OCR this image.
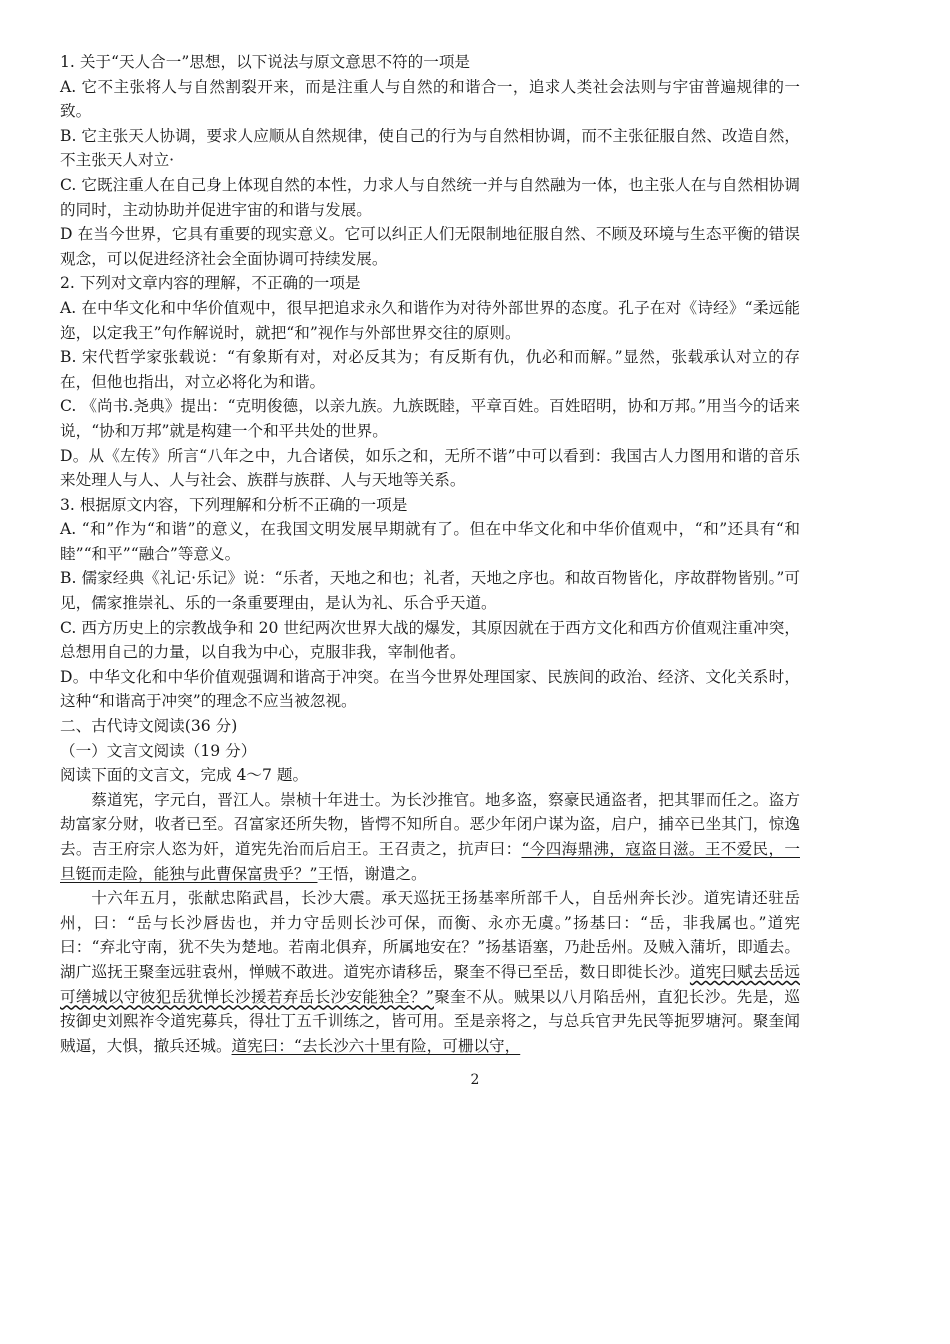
1. 关于“天人合一”思想，以下说法与原文意思不符的一项是

A. 它不主张将人与自然割裂开来，而是注重人与自然的和谐合一，追求人类社会法则与宇宙普遍规律的一致。

B. 它主张天人协调，要求人应顺从自然规律，使自己的行为与自然相协调，而不主张征服自然、改造自然，不主张天人对立·

C. 它既注重人在自己身上体现自然的本性，力求人与自然统一并与自然融为一体，也主张人在与自然相协调的同时，主动协助并促进宇宙的和谐与发展。

D 在当今世界，它具有重要的现实意义。它可以纠正人们无限制地征服自然、不顾及环境与生态平衡的错误观念，可以促进经济社会全面协调可持续发展。

2. 下列对文章内容的理解，不正确的一项是

A. 在中华文化和中华价值观中，很早把追求永久和谐作为对待外部世界的态度。孔子在对《诗经》“柔远能迩，以定我王”句作解说时，就把“和”视作与外部世界交往的原则。

B. 宋代哲学家张载说：“有象斯有对，对必反其为；有反斯有仇，仇必和而解。”显然，张载承认对立的存在，但他也指出，对立必将化为和谐。

C. 《尚书.尧典》提出：“克明俊德，以亲九族。九族既睦，平章百姓。百姓昭明，协和万邦。”用当今的话来说，“协和万邦”就是构建一个和平共处的世界。

D。从《左传》所言“八年之中，九合诸侯，如乐之和，无所不谐”中可以看到：我国古人力图用和谐的音乐来处理人与人、人与社会、族群与族群、人与天地等关系。

3. 根据原文内容，下列理解和分析不正确的一项是

A. “和”作为“和谐”的意义，在我国文明发展早期就有了。但在中华文化和中华价值观中，“和”还具有“和睦”“和平”“融合”等意义。

B. 儒家经典《礼记·乐记》说：“乐者，天地之和也；礼者，天地之序也。和故百物皆化，序故群物皆别。”可见，儒家推崇礼、乐的一条重要理由，是认为礼、乐合乎天道。

C. 西方历史上的宗教战争和 20 世纪两次世界大战的爆发，其原因就在于西方文化和西方价值观注重冲突，总想用自己的力量，以自我为中心，克服非我，宰制他者。

D。中华文化和中华价值观强调和谐高于冲突。在当今世界处理国家、民族间的政治、经济、文化关系时，这种“和谐高于冲突”的理念不应当被忽视。

二、古代诗文阅读(36 分)

（一）文言文阅读（19 分）

阅读下面的文言文，完成 4～7 题。

蔡道宪，字元白，晋江人。崇桢十年进士。为长沙推官。地多盗，察豪民通盗者，把其罪而任之。盗方劫富家分财，收者已至。召富家还所失物，皆愕不知所自。恶少年闭户谋为盗，启户，捕卒已坐其门，惊逸去。吉王府宗人恣为奸，道宪先治而后启王。王召责之，抗声曰：“今四海鼎沸，寇盗日滋。王不爱民，一旦铤而走险，能独与此曹保富贵乎？”王悟，谢遣之。

十六年五月，张献忠陷武昌，长沙大震。承天巡抚王扬基率所部千人，自岳州奔长沙。道宪请还驻岳州，曰：“岳与长沙唇齿也，并力守岳则长沙可保，而衡、永亦无虞。”扬基曰：“岳，非我属也。”道宪曰：“弃北守南，犹不失为楚地。若南北俱弃，所属地安在？”扬基语塞，乃赴岳州。及贼入蒲圻，即遁去。湖广巡抚王聚奎远驻袁州，惮贼不敢进。道宪亦请移岳，聚奎不得已至岳，数日即徙长沙。道宪曰赋去岳远可缮城以守彼犯岳犹惮长沙援若弃岳长沙安能独全？”聚奎不从。贼果以八月陷岳州，直犯长沙。先是，巡按御史刘熙祚令道宪募兵，得壮丁五千训练之，皆可用。至是亲将之，与总兵官尹先民等扼罗塘河。聚奎闻贼逼，大惧，撤兵还城。道宪曰：“去长沙六十里有险，可栅以守，

2
